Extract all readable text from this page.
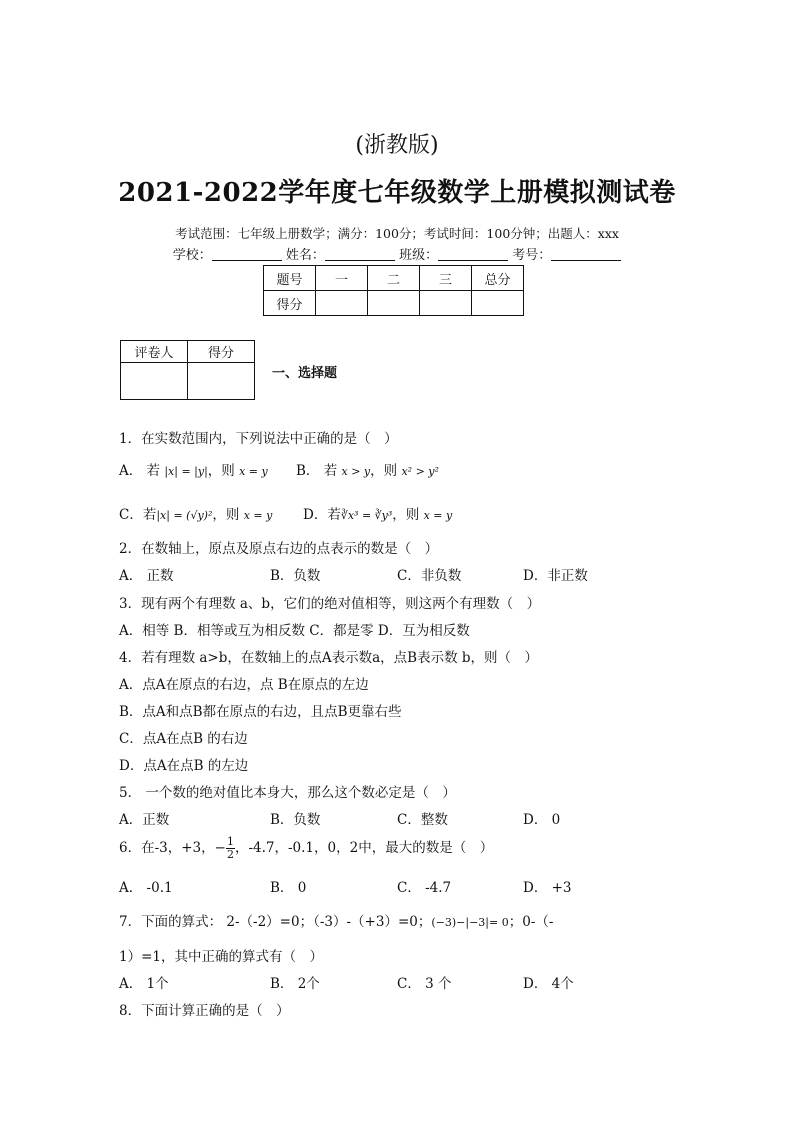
(浙教版)
2021-2022学年度七年级数学上册模拟测试卷
考试范围：七年级上册数学；满分：100分；考试时间：100分钟；出题人：xxx
学校：	姓名：	班级：	考号：
题号	一	二	三	总分
得分				
评卷人	得分

一、选择题
1．在实数范围内，下列说法中正确的是（　）
A． 若 |x| = |y|，则 x = y B． 若 x > y，则 x² > y²
C．若|x| = (√y)²，则 x = y D．若∛x³ = ∛y³，则 x = y
2．在数轴上，原点及原点右边的点表示的数是（　）
A． 正数	B．负数	C．非负数	D．非正数
3．现有两个有理数 a、b，它们的绝对值相等，则这两个有理数（　）
A．相等 B．相等或互为相反数 C．都是零 D．互为相反数
4．若有理数 a>b，在数轴上的点A表示数a，点B表示数 b，则（　）
A．点A在原点的右边，点 B在原点的左边
B．点A和点B都在原点的右边，且点B更靠右些
C．点A在点B 的右边
D．点A在点B 的左边
5． 一个数的绝对值比本身大，那么这个数必定是（　）
A．正数	B．负数	C．整数	D． 0
6．在-3，+3，− $\frac{1}{2}$ ，-4.7，-0.1，0，2中，最大的数是（　）
A． -0.1	B． 0	C． -4.7	D． +3
7．下面的算式： 2-（-2）=0；（-3）-（+3）=0；(−3)−|−3|= 0；0-（-
1）=1，其中正确的算式有（　）
A． 1个	B． 2个	C． 3 个	D． 4个
8．下面计算正确的是（　）
